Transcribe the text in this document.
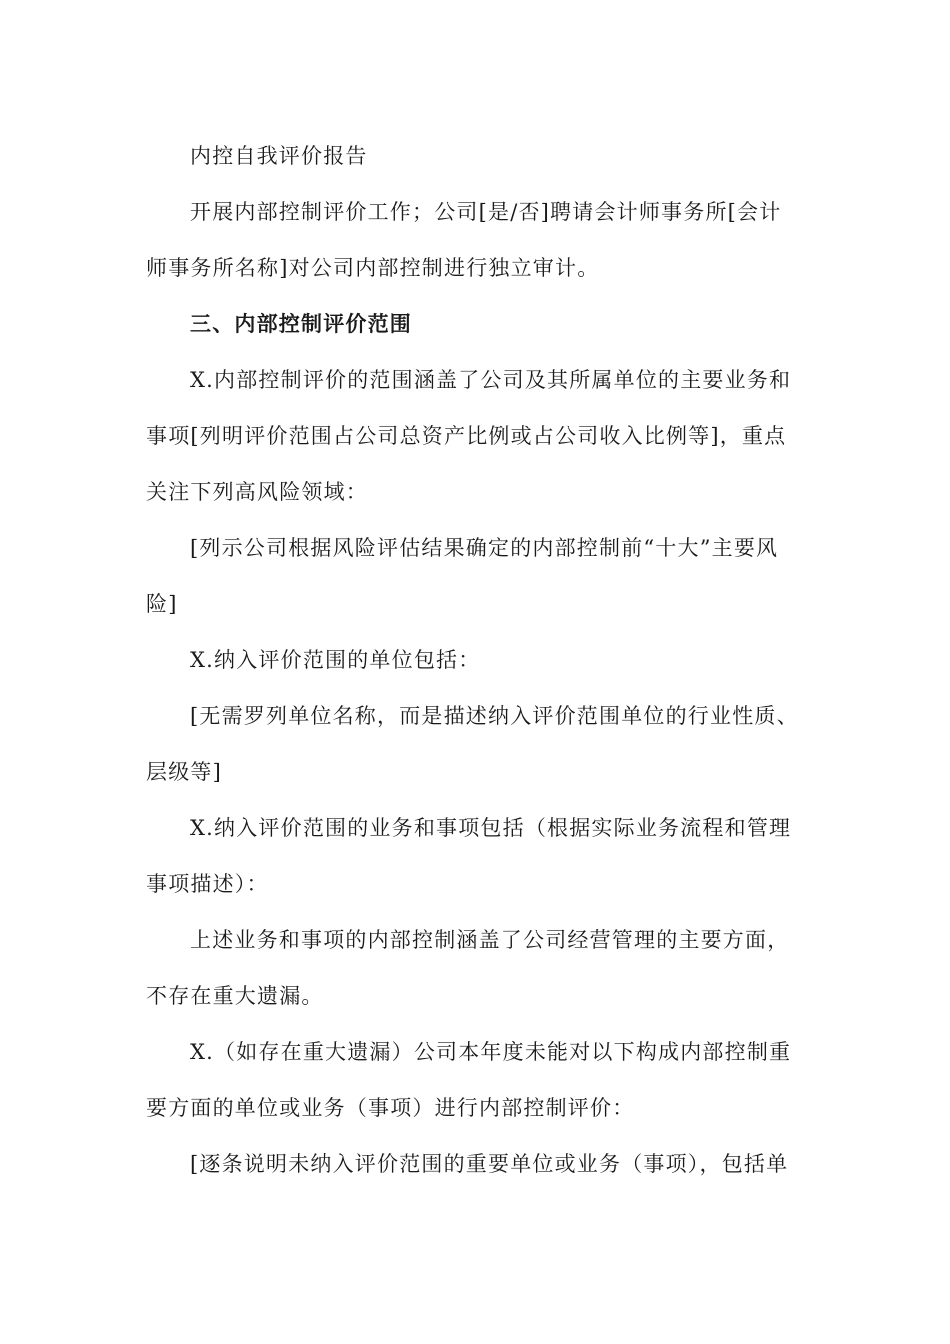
内控自我评价报告
开展内部控制评价工作；公司[是/否]聘请会计师事务所[会计
师事务所名称]对公司内部控制进行独立审计。
三、内部控制评价范围
X.内部控制评价的范围涵盖了公司及其所属单位的主要业务和
事项[列明评价范围占公司总资产比例或占公司收入比例等]，重点
关注下列高风险领域：
[列示公司根据风险评估结果确定的内部控制前“十大”主要风
险]
X.纳入评价范围的单位包括：
[无需罗列单位名称，而是描述纳入评价范围单位的行业性质、
层级等]
X.纳入评价范围的业务和事项包括（根据实际业务流程和管理
事项描述）：
上述业务和事项的内部控制涵盖了公司经营管理的主要方面，
不存在重大遗漏。
X.（如存在重大遗漏）公司本年度未能对以下构成内部控制重
要方面的单位或业务（事项）进行内部控制评价：
[逐条说明未纳入评价范围的重要单位或业务（事项），包括单
